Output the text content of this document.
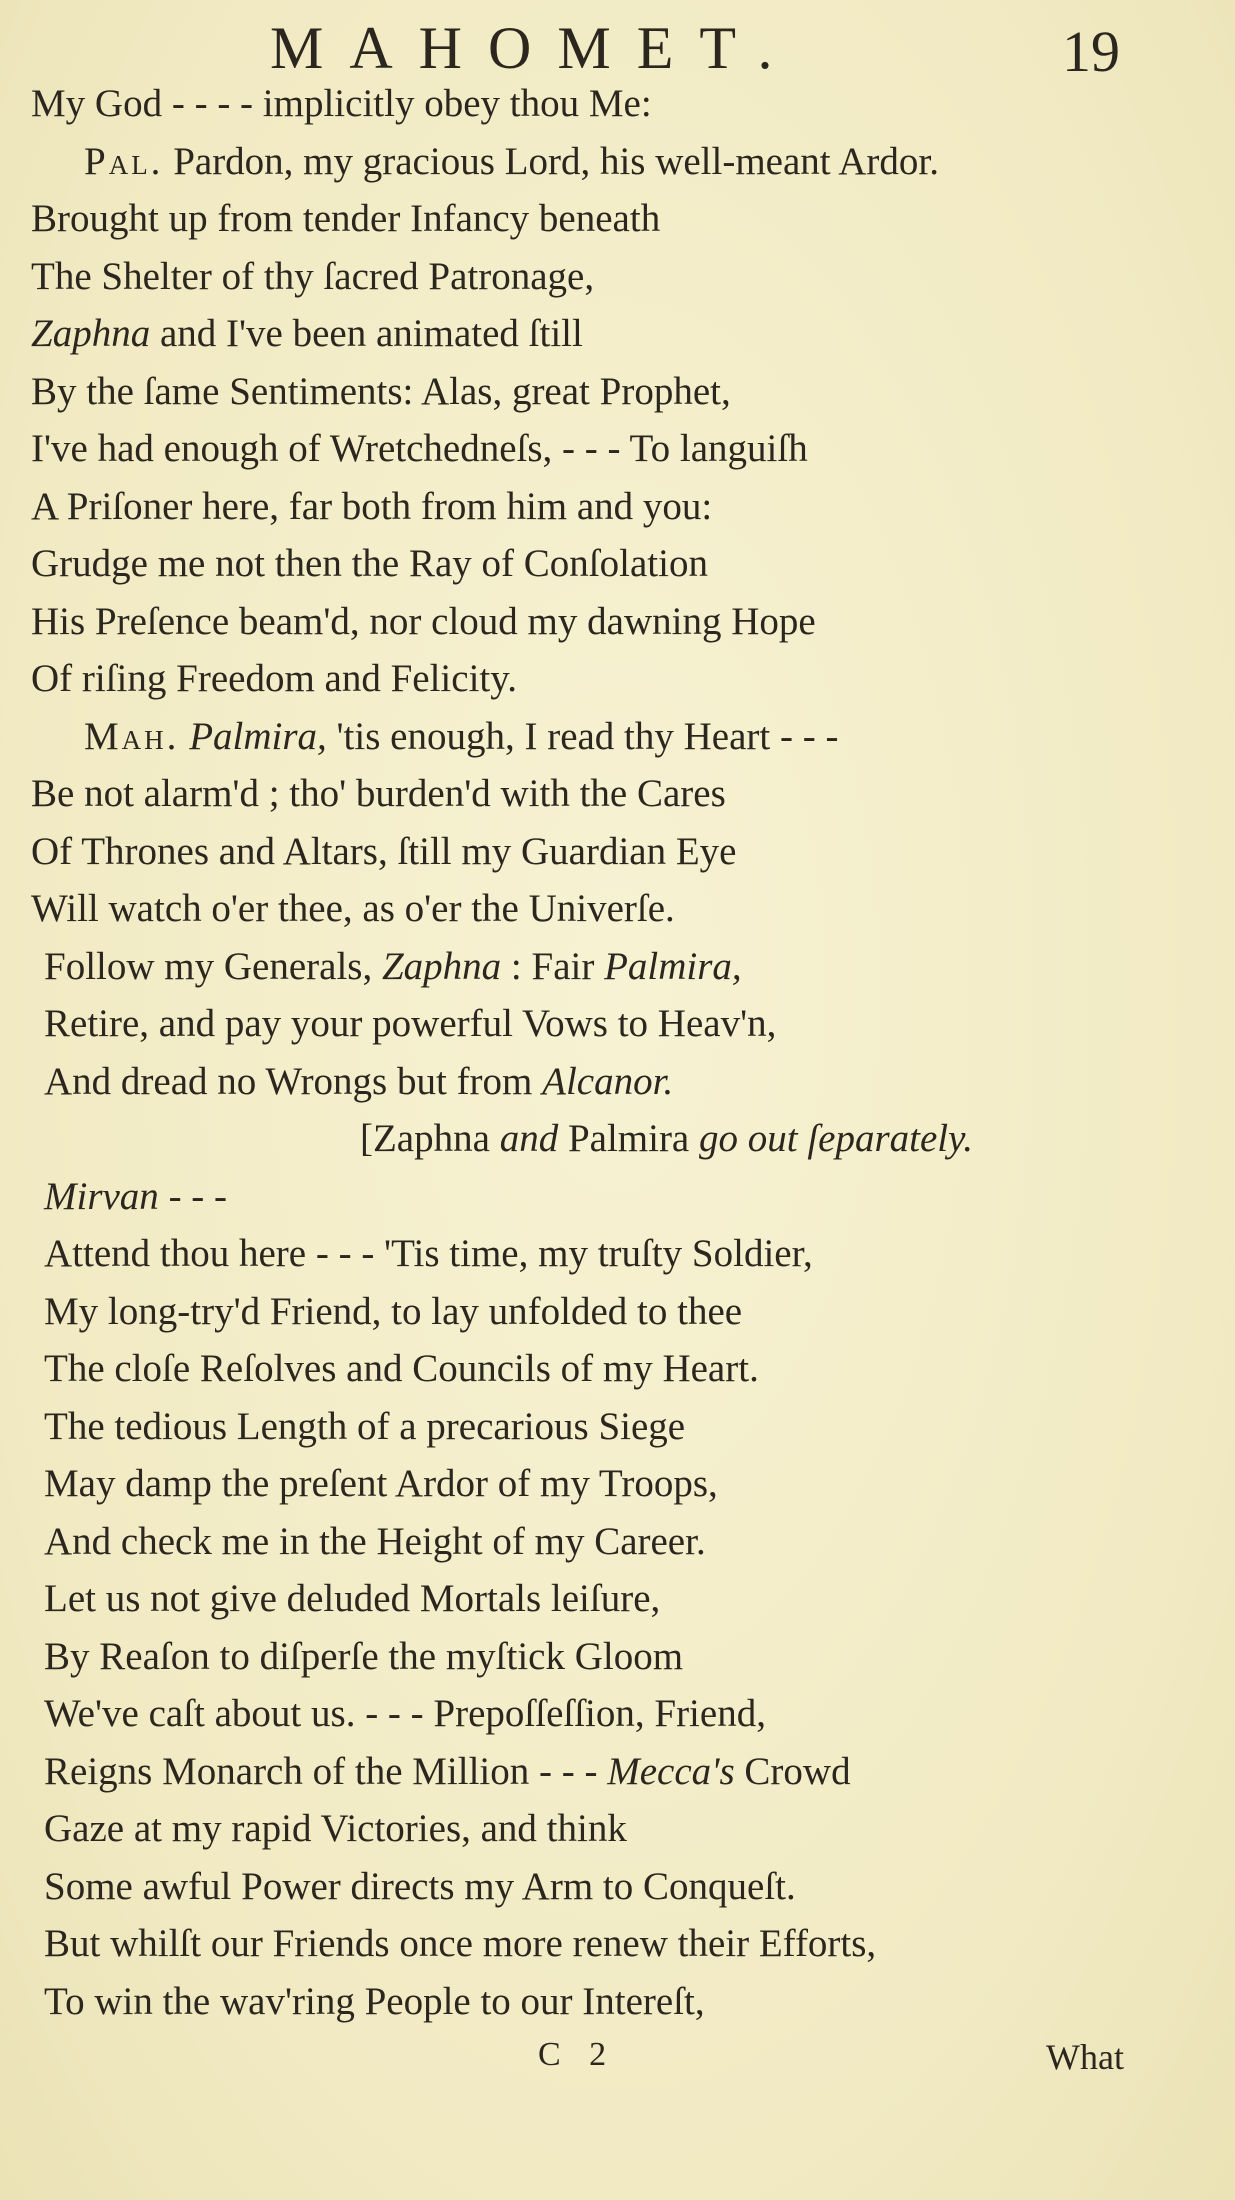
MAHOMET.	19
My God - - - - implicitly obey thou Me:
Pal. Pardon, my gracious Lord, his well-meant Ardor.
Brought up from tender Infancy beneath
The Shelter of thy ſacred Patronage,
Zaphna and I've been animated ſtill
By the ſame Sentiments: Alas, great Prophet,
I've had enough of Wretchedneſs, - - - To languiſh
A Priſoner here, far both from him and you:
Grudge me not then the Ray of Conſolation
His Preſence beam'd, nor cloud my dawning Hope
Of riſing Freedom and Felicity.
Mah. Palmira, 'tis enough, I read thy Heart - - -
Be not alarm'd ; tho' burden'd with the Cares
Of Thrones and Altars, ſtill my Guardian Eye
Will watch o'er thee, as o'er the Univerſe.
Follow my Generals, Zaphna : Fair Palmira,
Retire, and pay your powerful Vows to Heav'n,
And dread no Wrongs but from Alcanor.
[Zaphna and Palmira go out ſeparately.
Mirvan - - -
Attend thou here - - - 'Tis time, my truſty Soldier,
My long-try'd Friend, to lay unfolded to thee
The cloſe Reſolves and Councils of my Heart.
The tedious Length of a precarious Siege
May damp the preſent Ardor of my Troops,
And check me in the Height of my Career.
Let us not give deluded Mortals leiſure,
By Reaſon to diſperſe the myſtick Gloom
We've caſt about us. - - - Prepoſſeſſion, Friend,
Reigns Monarch of the Million - - - Mecca's Crowd
Gaze at my rapid Victories, and think
Some awful Power directs my Arm to Conqueſt.
But whilſt our Friends once more renew their Efforts,
To win the wav'ring People to our Intereſt,
C 2	What
